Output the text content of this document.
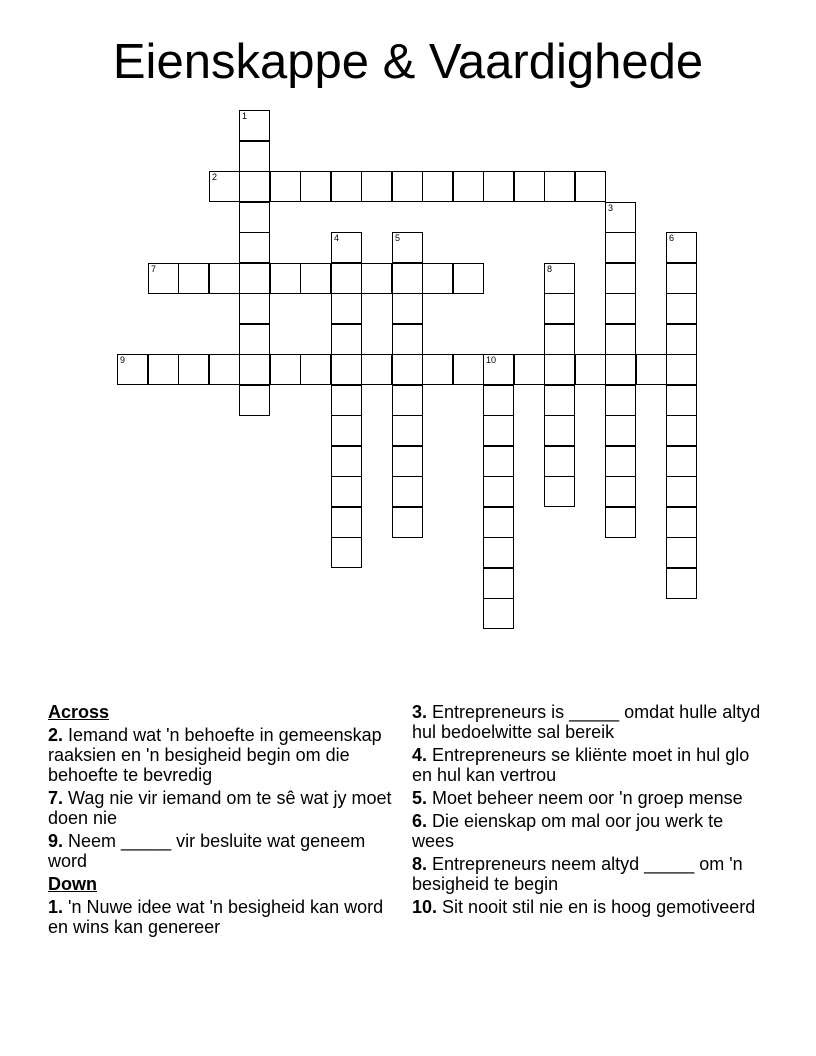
Eienskappe & Vaardighede
1
2
3
4	5	6
7	8
9	10
Across
2. Iemand wat 'n behoefte in gemeenskap raaksien en 'n besigheid begin om die behoefte te bevredig
7. Wag nie vir iemand om te sê wat jy moet doen nie
9. Neem _____ vir besluite wat geneem word
Down
1. 'n Nuwe idee wat 'n besigheid kan word en wins kan genereer
3. Entrepreneurs is _____ omdat hulle altyd hul bedoelwitte sal bereik
4. Entrepreneurs se kliënte moet in hul glo en hul kan vertrou
5. Moet beheer neem oor 'n groep mense
6. Die eienskap om mal oor jou werk te wees
8. Entrepreneurs neem altyd _____ om 'n besigheid te begin
10. Sit nooit stil nie en is hoog gemotiveerd
